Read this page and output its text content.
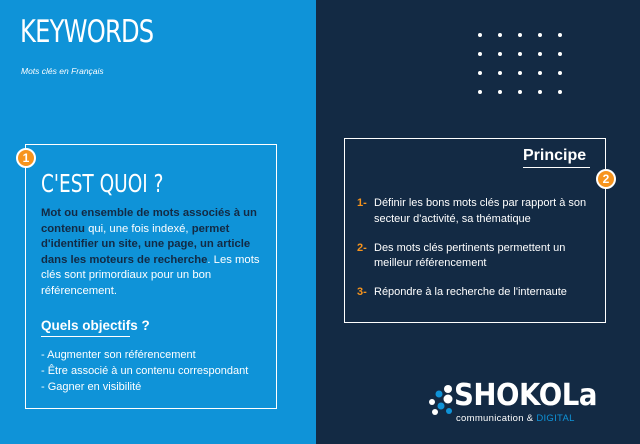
KEYWORDS
Mots clés en Français
1
C'EST QUOI ?

Mot ou ensemble de mots associés à un contenu qui, une fois indexé, permet d'identifier un site, une page, un article dans les moteurs de recherche. Les mots clés sont primordiaux pour un bon référencement.

Quels objectifs ?
- Augmenter son référencement
- Être associé à un contenu correspondant
- Gagner en visibilité
2
Principe
1- Définir les bons mots clés par rapport à son secteur d'activité, sa thématique
2- Des mots clés pertinents permettent un meilleur référencement
3- Répondre à la recherche de l'internaute
SHOKOLa
communication & DIGITAL
